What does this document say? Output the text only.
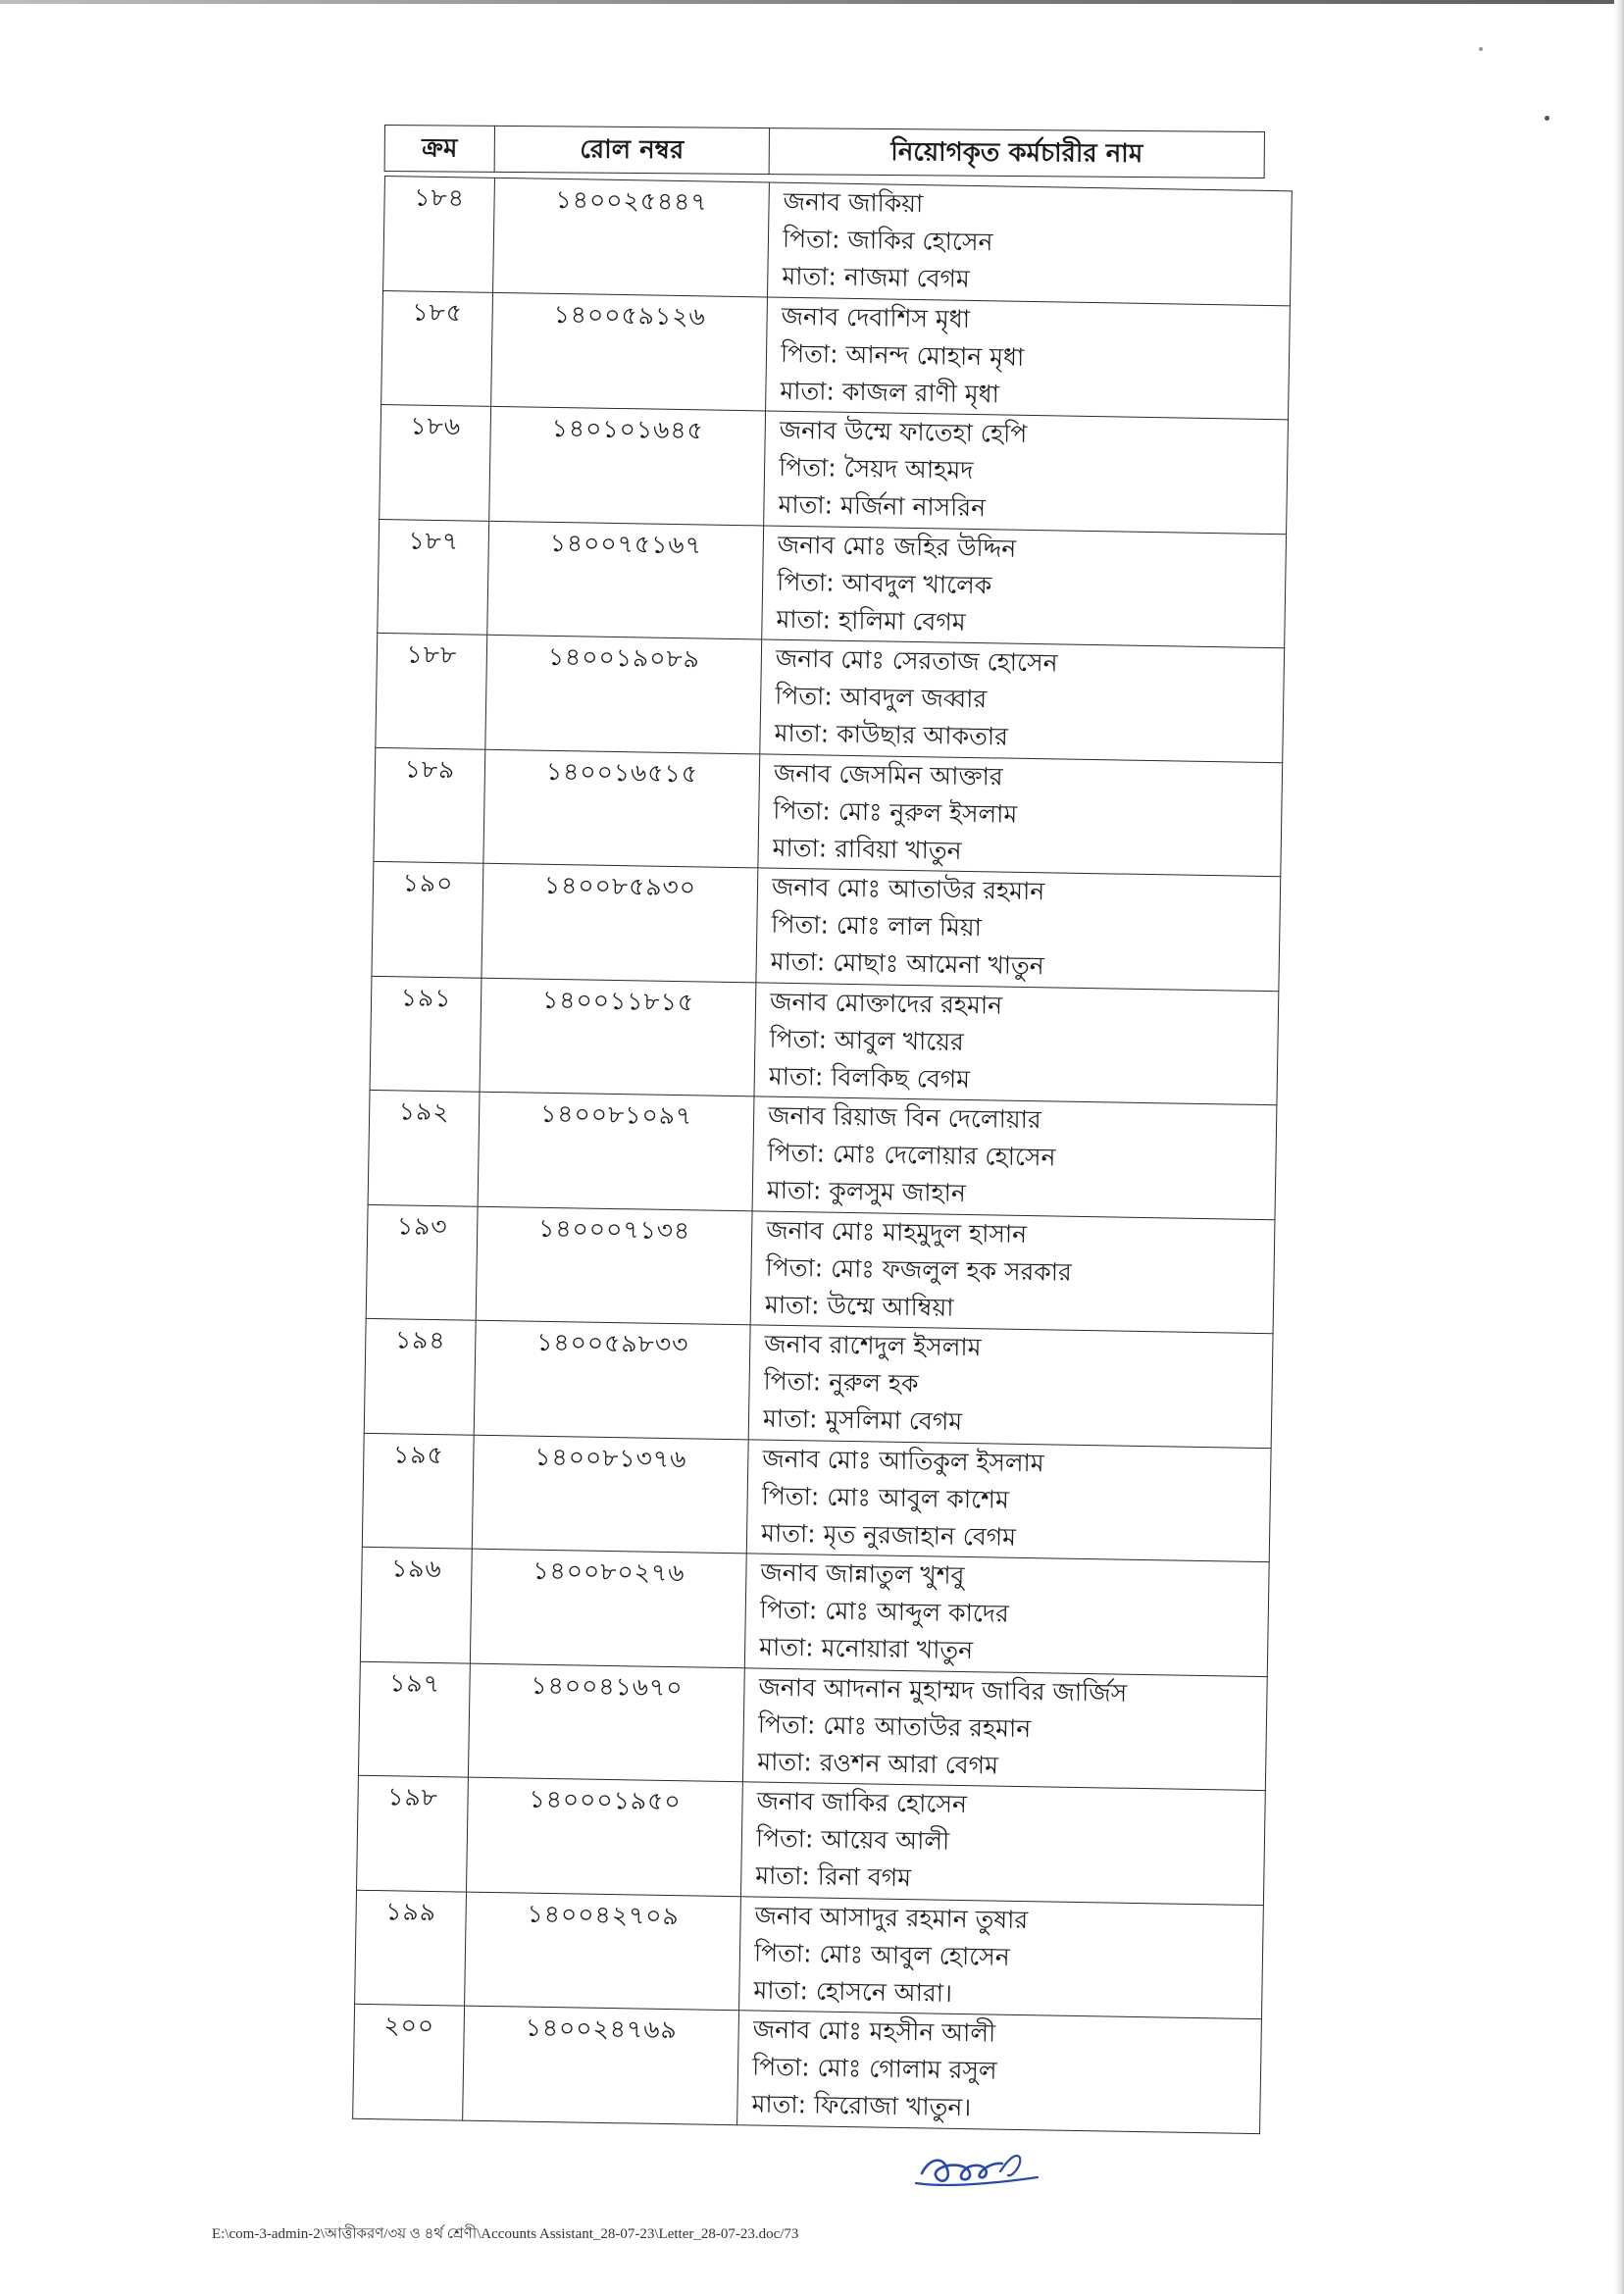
ক্রম	রোল নম্বর	নিয়োগকৃত কর্মচারীর নাম
১৮৪	১৪০০২৫৪৪৭	জনাব জাকিয়া
পিতা: জাকির হোসেন
মাতা: নাজমা বেগম

১৮৫	১৪০০৫৯১২৬	জনাব দেবাশিস মৃধা
পিতা: আনন্দ মোহান মৃধা
মাতা: কাজল রাণী মৃধা

১৮৬	১৪০১০১৬৪৫	জনাব উম্মে ফাতেহা হেপি
পিতা: সৈয়দ আহমদ
মাতা: মর্জিনা নাসরিন

১৮৭	১৪০০৭৫১৬৭	জনাব মোঃ জহির উদ্দিন
পিতা: আবদুল খালেক
মাতা: হালিমা বেগম

১৮৮	১৪০০১৯০৮৯	জনাব মোঃ সেরতাজ হোসেন
পিতা: আবদুল জব্বার
মাতা: কাউছার আকতার

১৮৯	১৪০০১৬৫১৫	জনাব জেসমিন আক্তার
পিতা: মোঃ নুরুল ইসলাম
মাতা: রাবিয়া খাতুন

১৯০	১৪০০৮৫৯৩০	জনাব মোঃ আতাউর রহমান
পিতা: মোঃ লাল মিয়া
মাতা: মোছাঃ আমেনা খাতুন

১৯১	১৪০০১১৮১৫	জনাব মোক্তাদের রহমান
পিতা: আবুল খায়ের
মাতা: বিলকিছ বেগম

১৯২	১৪০০৮১০৯৭	জনাব রিয়াজ বিন দেলোয়ার
পিতা: মোঃ দেলোয়ার হোসেন
মাতা: কুলসুম জাহান

১৯৩	১৪০০০৭১৩৪	জনাব মোঃ মাহমুদুল হাসান
পিতা: মোঃ ফজলুল হক সরকার
মাতা: উম্মে আম্বিয়া

১৯৪	১৪০০৫৯৮৩৩	জনাব রাশেদুল ইসলাম
পিতা: নুরুল হক
মাতা: মুসলিমা বেগম

১৯৫	১৪০০৮১৩৭৬	জনাব মোঃ আতিকুল ইসলাম
পিতা: মোঃ আবুল কাশেম
মাতা: মৃত নুরজাহান বেগম

১৯৬	১৪০০৮০২৭৬	জনাব জান্নাতুল খুশবু
পিতা: মোঃ আব্দুল কাদের
মাতা: মনোয়ারা খাতুন

১৯৭	১৪০০৪১৬৭০	জনাব আদনান মুহাম্মদ জাবির জার্জিস
পিতা: মোঃ আতাউর রহমান
মাতা: রওশন আরা বেগম

১৯৮	১৪০০০১৯৫০	জনাব জাকির হোসেন
পিতা: আয়েব আলী
মাতা: রিনা বগম

১৯৯	১৪০০৪২৭০৯	জনাব আসাদুর রহমান তুষার
পিতা: মোঃ আবুল হোসেন
মাতা: হোসনে আরা।

২০০	১৪০০২৪৭৬৯	জনাব মোঃ মহসীন আলী
পিতা: মোঃ গোলাম রসুল
মাতা: ফিরোজা খাতুন।
E:\com-3-admin-2\আত্তীকরণ/৩য় ও ৪র্থ শ্রেণী\Accounts Assistant_28-07-23\Letter_28-07-23.doc/73
